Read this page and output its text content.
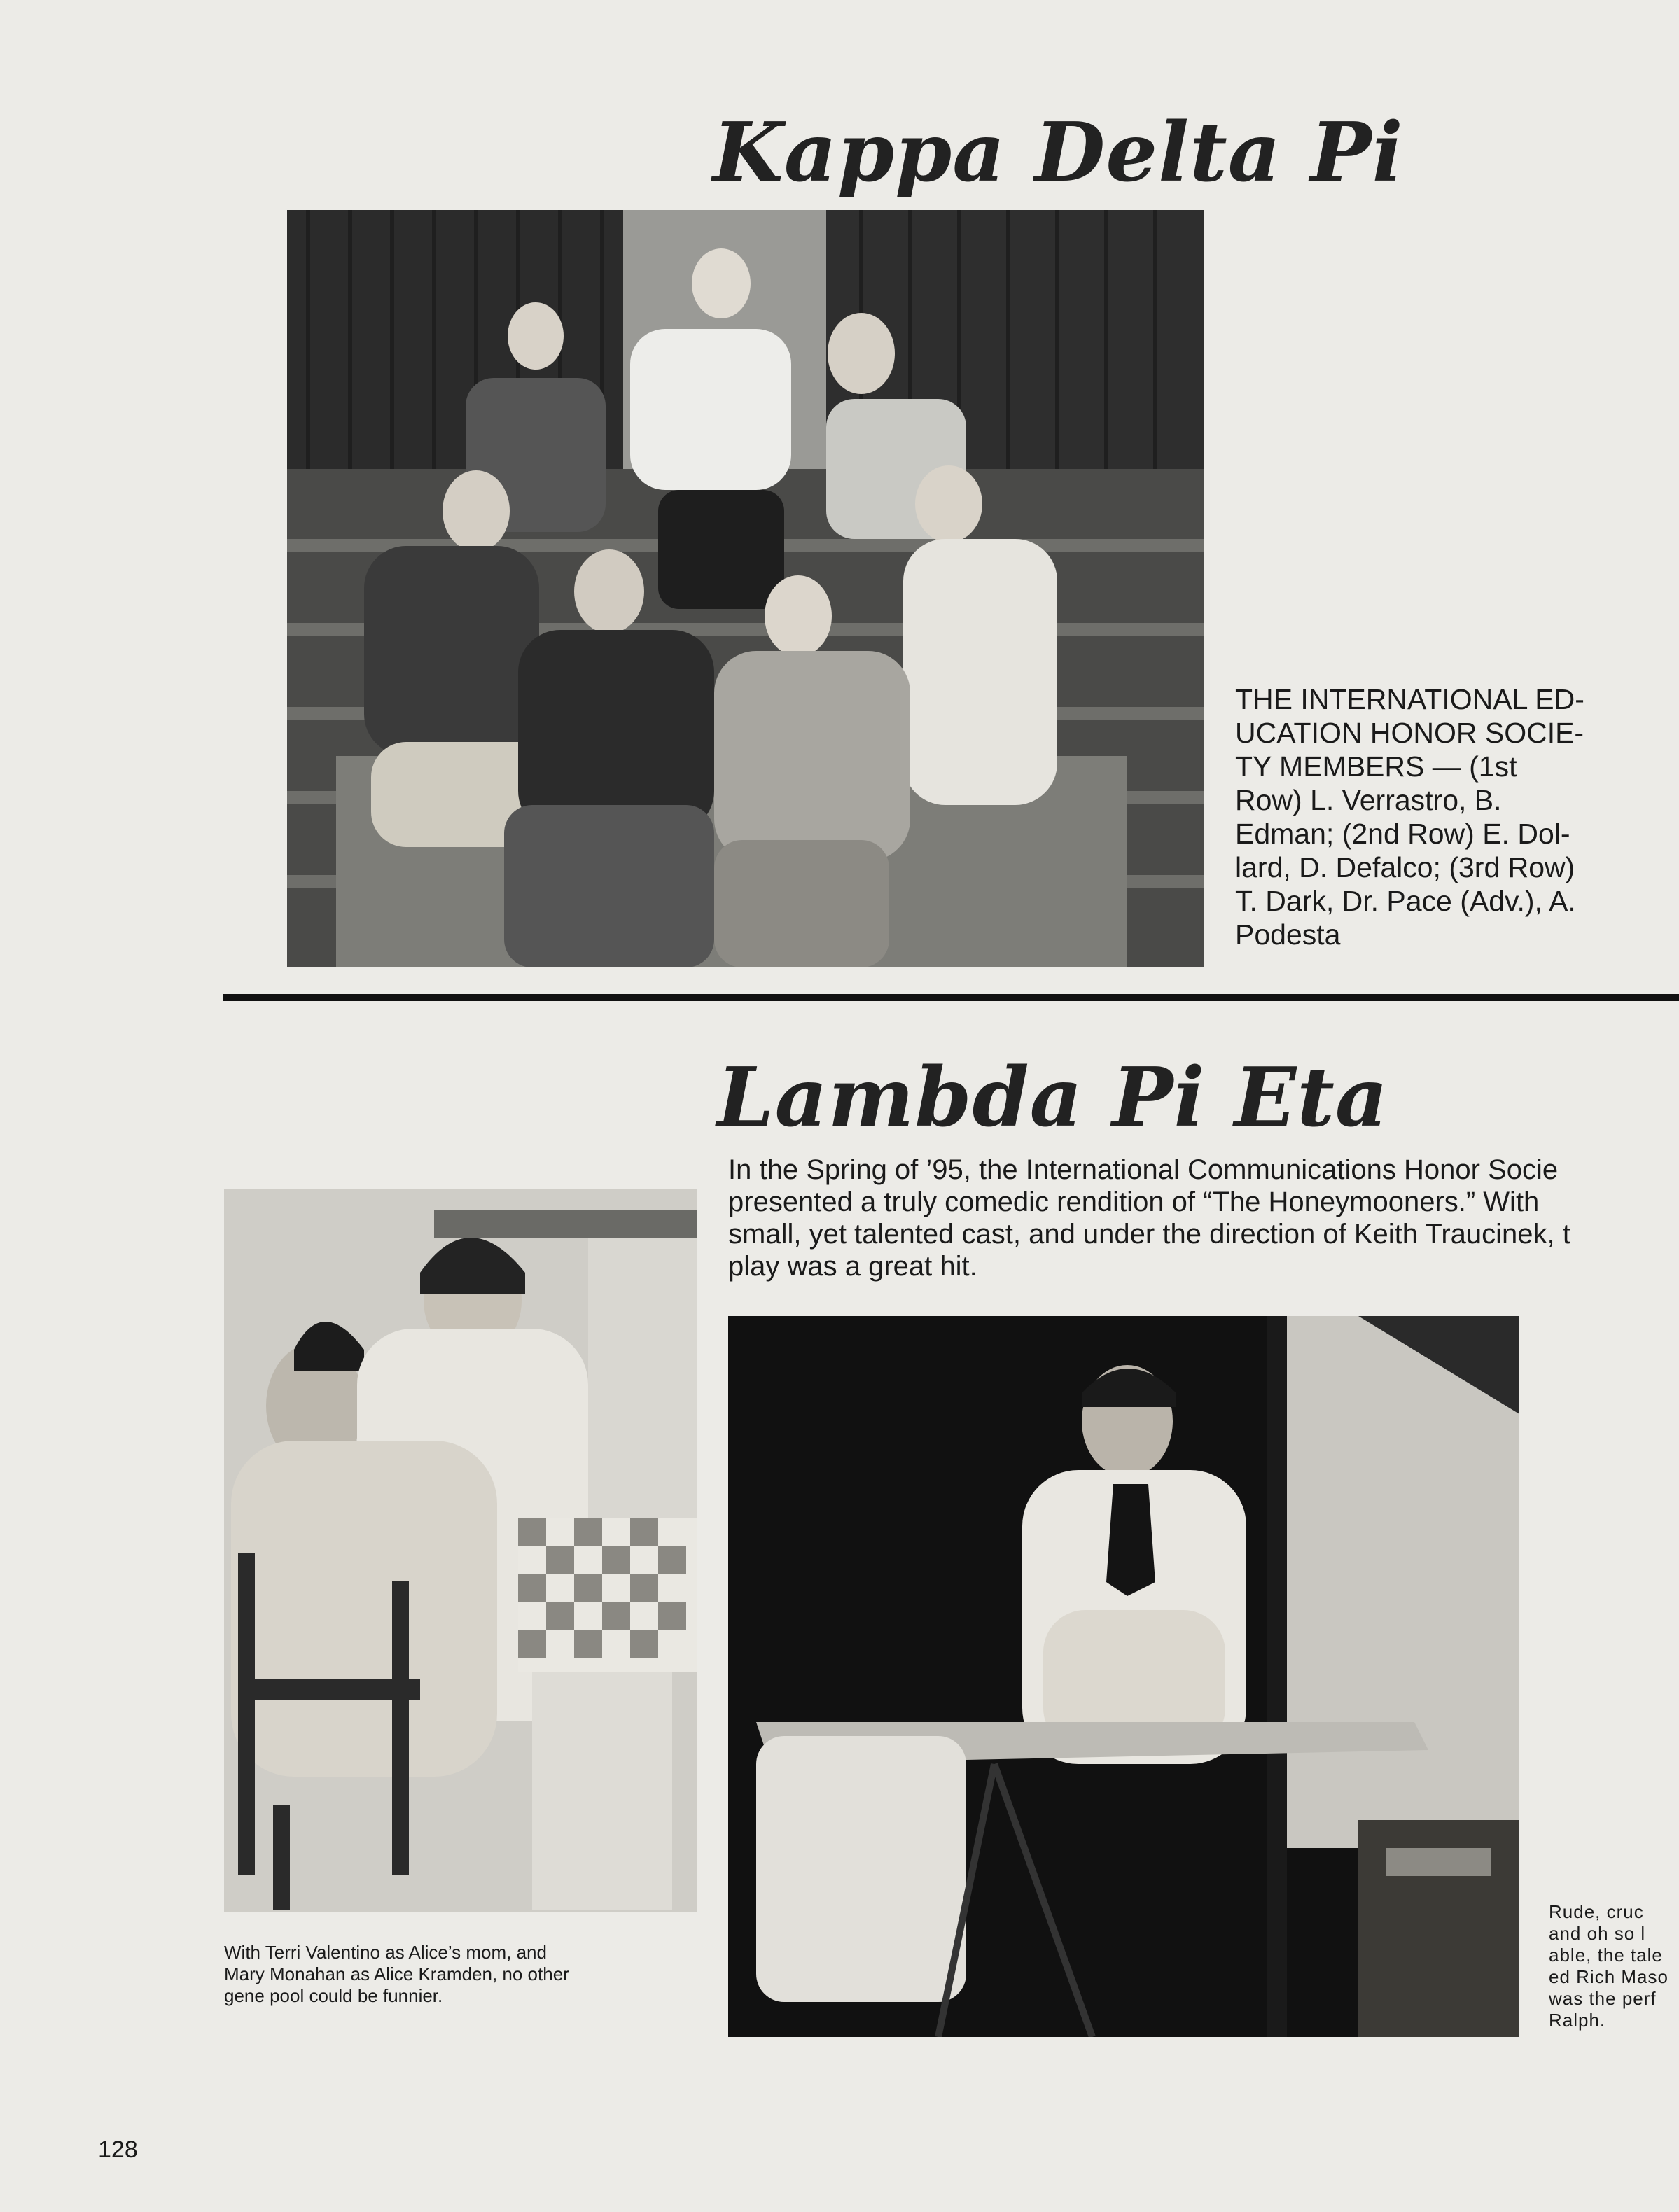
Kappa Delta Pi
THE INTERNATIONAL ED-
UCATION HONOR SOCIE-
TY MEMBERS — (1st
Row) L. Verrastro, B.
Edman; (2nd Row) E. Dol-
lard, D. Defalco; (3rd Row)
T. Dark, Dr. Pace (Adv.), A.
Podesta
Lambda Pi Eta
In the Spring of ’95, the International Communications Honor Socie
presented a truly comedic rendition of “The Honeymooners.” With
small, yet talented cast, and under the direction of Keith Traucinek, t
play was a great hit.
With Terri Valentino as Alice’s mom, and
Mary Monahan as Alice Kramden, no other
gene pool could be funnier.
Rude, cruc
and oh so l
able, the tale
ed Rich Maso
was the perf
Ralph.
128
